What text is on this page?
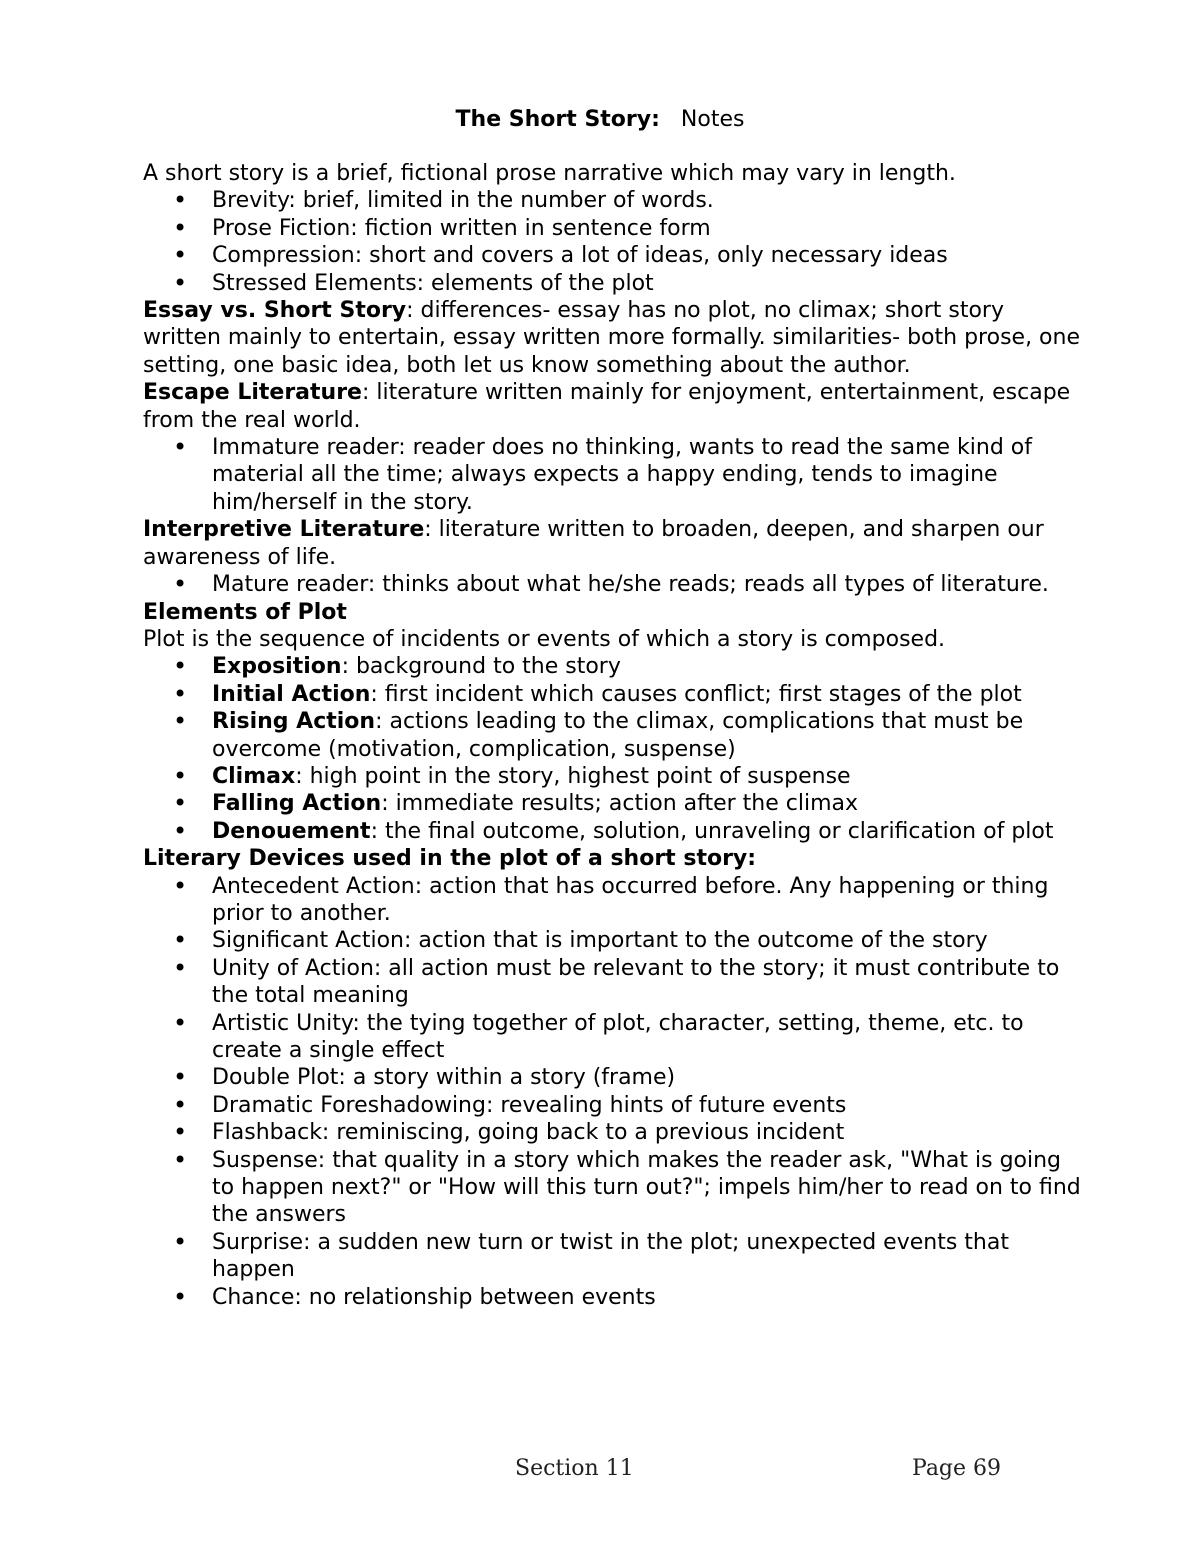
The Short Story: Notes

A short story is a brief, fictional prose narrative which may vary in length.

• Brevity: brief, limited in the number of words.
• Prose Fiction: fiction written in sentence form
• Compression: short and covers a lot of ideas, only necessary ideas
• Stressed Elements: elements of the plot

Essay vs. Short Story: differences- essay has no plot, no climax; short story written mainly to entertain, essay written more formally. similarities- both prose, one setting, one basic idea, both let us know something about the author.

Escape Literature: literature written mainly for enjoyment, entertainment, escape from the real world.

• Immature reader: reader does no thinking, wants to read the same kind of material all the time; always expects a happy ending, tends to imagine him/herself in the story.

Interpretive Literature: literature written to broaden, deepen, and sharpen our awareness of life.

• Mature reader: thinks about what he/she reads; reads all types of literature.

Elements of Plot

Plot is the sequence of incidents or events of which a story is composed.

• Exposition: background to the story
• Initial Action: first incident which causes conflict; first stages of the plot
• Rising Action: actions leading to the climax, complications that must be overcome (motivation, complication, suspense)
• Climax: high point in the story, highest point of suspense
• Falling Action: immediate results; action after the climax
• Denouement: the final outcome, solution, unraveling or clarification of plot

Literary Devices used in the plot of a short story:

• Antecedent Action: action that has occurred before. Any happening or thing prior to another.
• Significant Action: action that is important to the outcome of the story
• Unity of Action: all action must be relevant to the story; it must contribute to the total meaning
• Artistic Unity: the tying together of plot, character, setting, theme, etc. to create a single effect
• Double Plot: a story within a story (frame)
• Dramatic Foreshadowing: revealing hints of future events
• Flashback: reminiscing, going back to a previous incident
• Suspense: that quality in a story which makes the reader ask, "What is going to happen next?" or "How will this turn out?"; impels him/her to read on to find the answers
• Surprise: a sudden new turn or twist in the plot; unexpected events that happen
• Chance: no relationship between events
Section 11	Page 69
